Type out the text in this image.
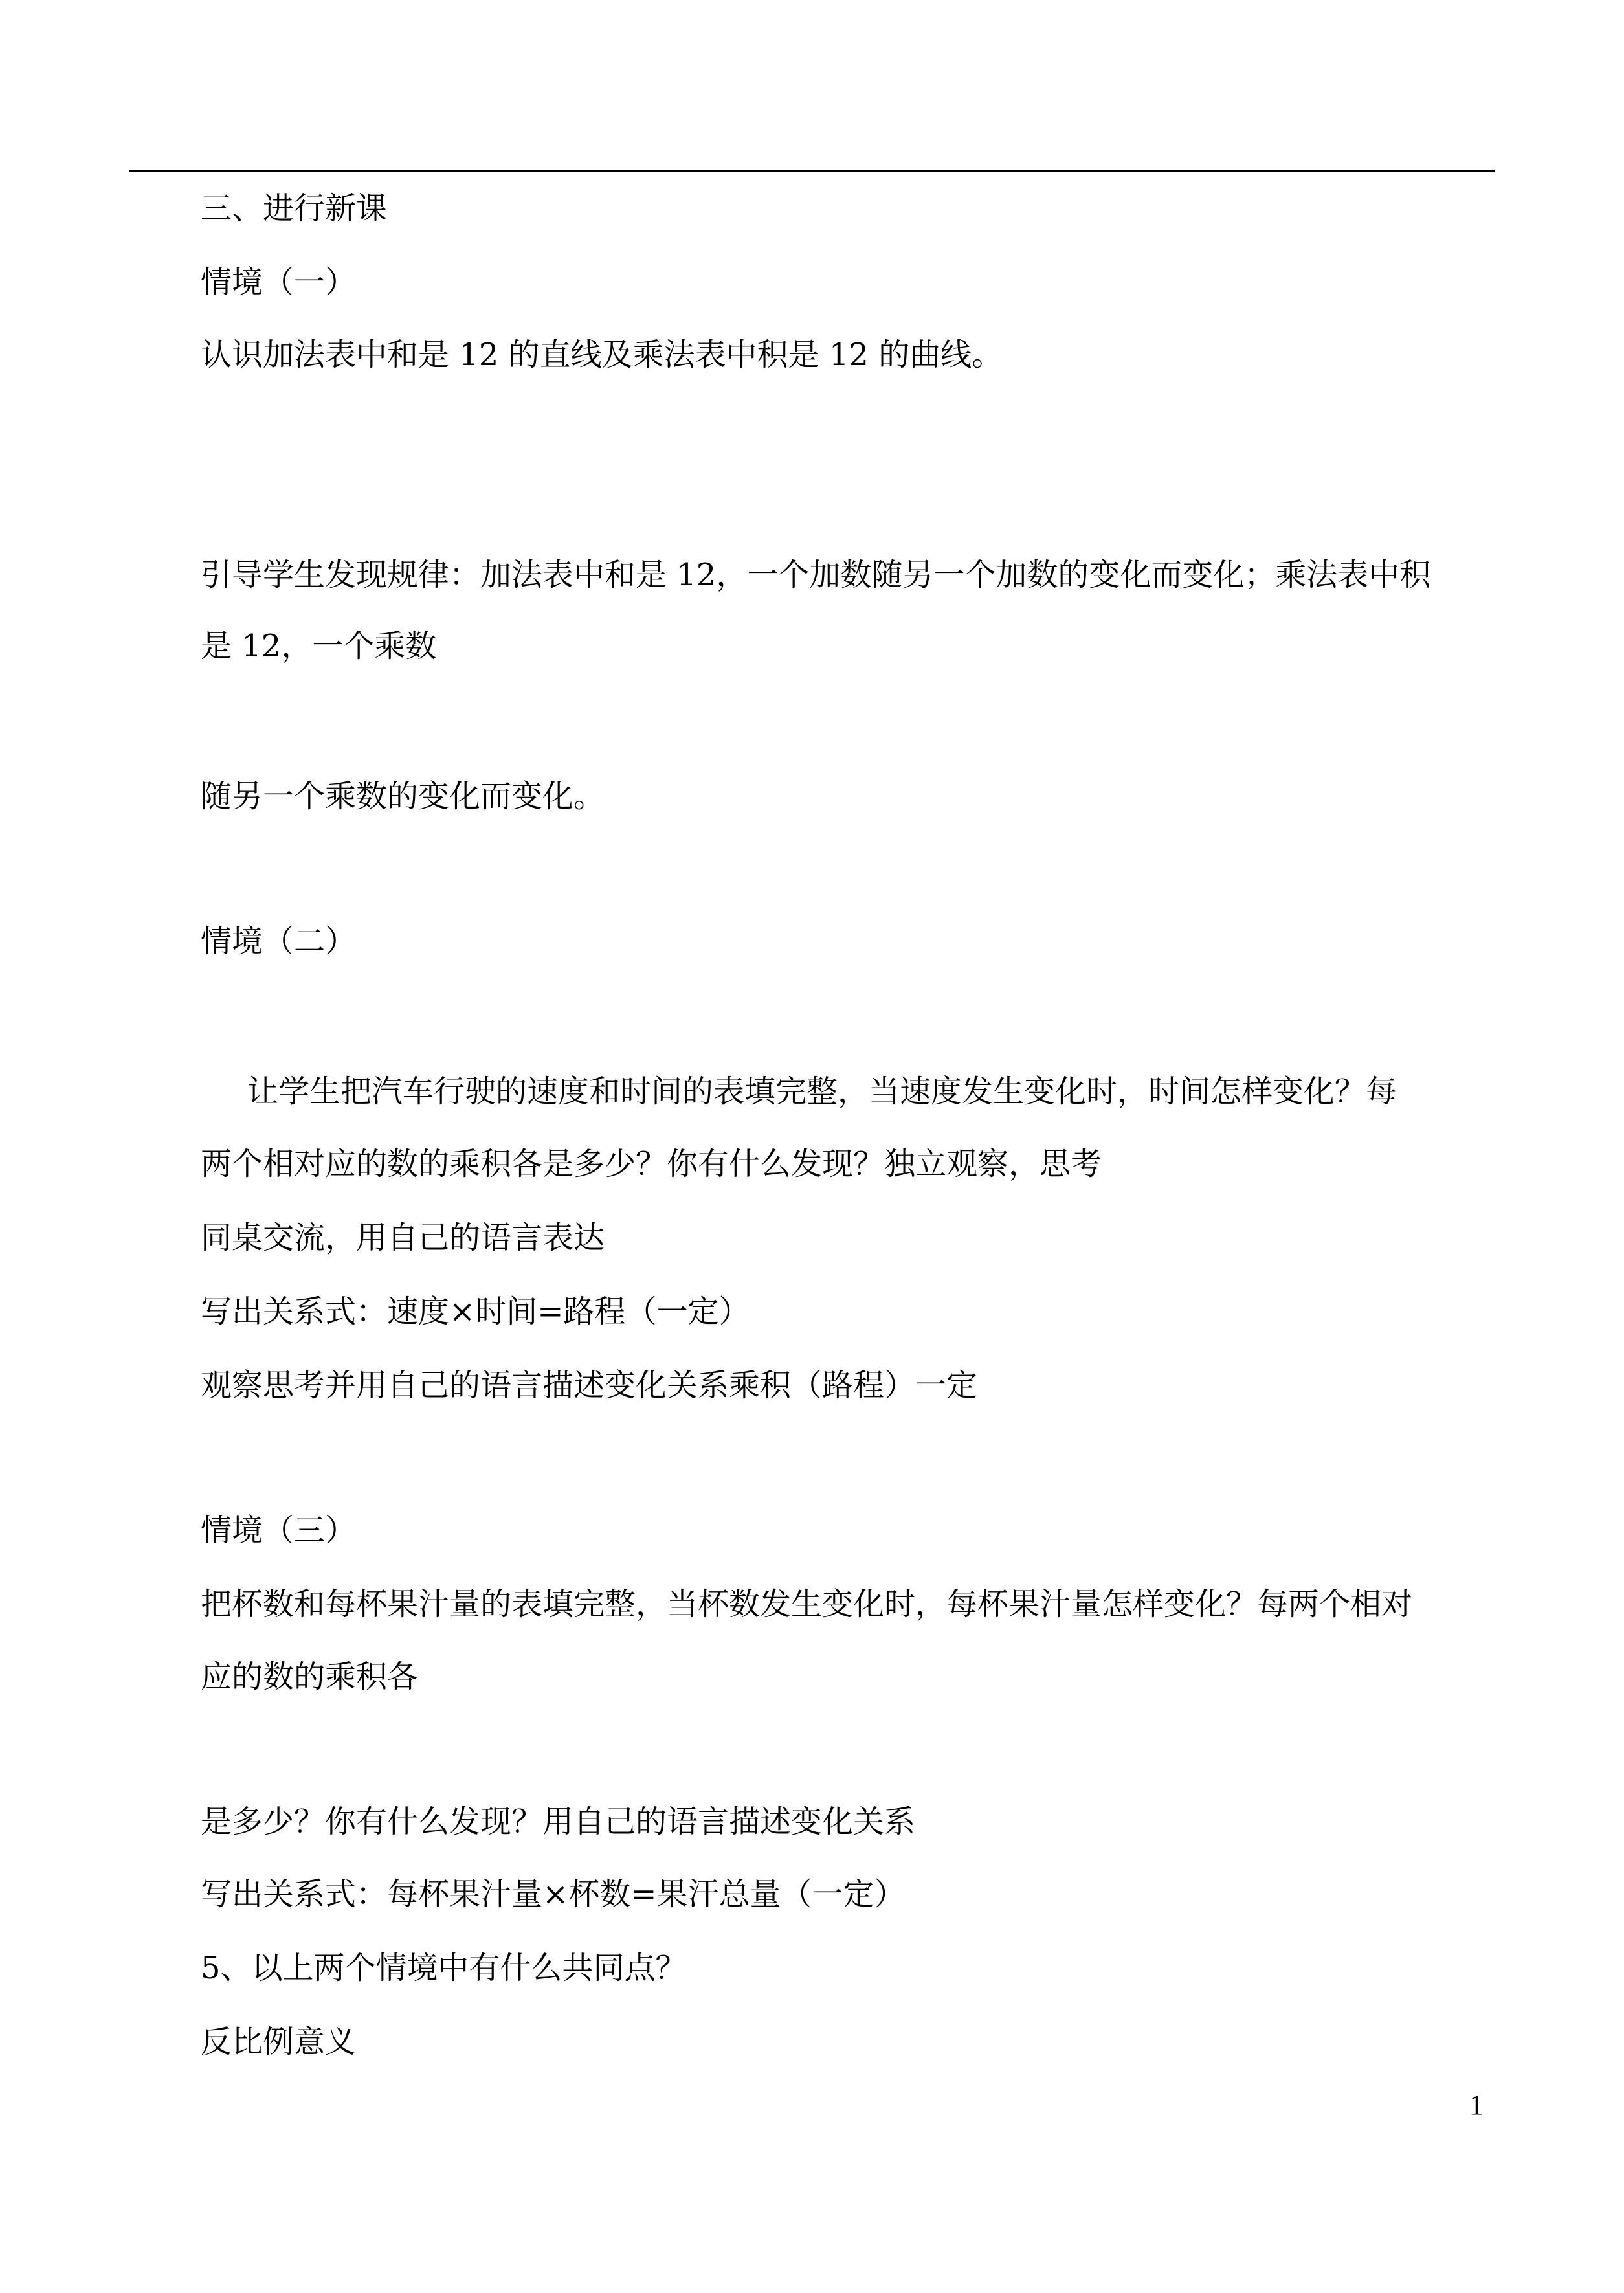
三、进行新课
情境（一）
认识加法表中和是 12 的直线及乘法表中积是 12 的曲线。
引导学生发现规律：加法表中和是 12，一个加数随另一个加数的变化而变化；乘法表中积
是 12，一个乘数
随另一个乘数的变化而变化。
情境（二）
让学生把汽车行驶的速度和时间的表填完整，当速度发生变化时，时间怎样变化？每
两个相对应的数的乘积各是多少？你有什么发现？独立观察，思考
同桌交流，用自己的语言表达
写出关系式：速度×时间=路程（一定）
观察思考并用自己的语言描述变化关系乘积（路程）一定
情境（三）
把杯数和每杯果汁量的表填完整，当杯数发生变化时，每杯果汁量怎样变化？每两个相对
应的数的乘积各
是多少？你有什么发现？用自己的语言描述变化关系
写出关系式：每杯果汁量×杯数=果汗总量（一定）
5、以上两个情境中有什么共同点？
反比例意义
1
